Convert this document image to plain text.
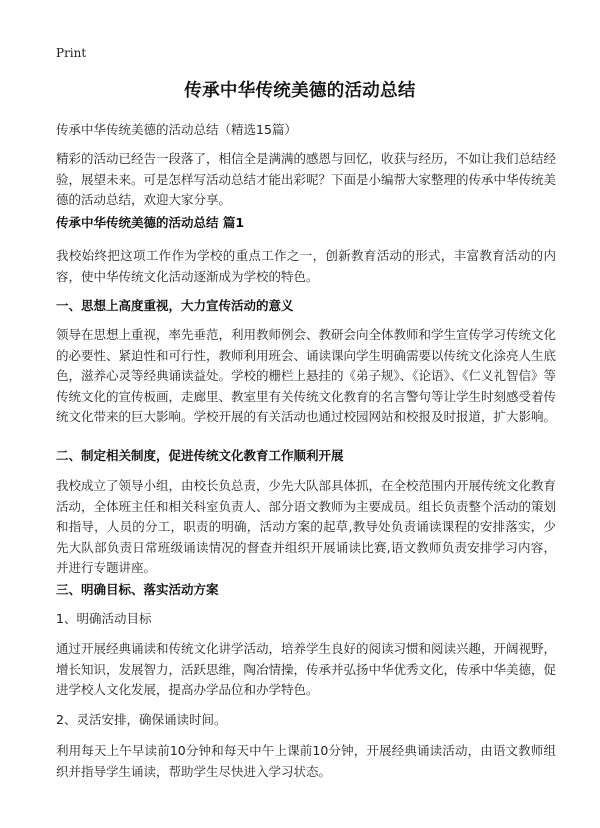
Print
传承中华传统美德的活动总结

传承中华传统美德的活动总结（精选15篇）

精彩的活动已经告一段落了，相信全是满满的感恩与回忆，收获与经历，不如让我们总结经验，展望未来。可是怎样写活动总结才能出彩呢？下面是小编帮大家整理的传承中华传统美德的活动总结，欢迎大家分享。

传承中华传统美德的活动总结 篇1

我校始终把这项工作作为学校的重点工作之一，创新教育活动的形式，丰富教育活动的内容，使中华传统文化活动逐渐成为学校的特色。

一、思想上高度重视，大力宣传活动的意义

领导在思想上重视，率先垂范，利用教师例会、教研会向全体教师和学生宣传学习传统文化的必要性、紧迫性和可行性，教师利用班会、诵读课向学生明确需要以传统文化涂亮人生底色，滋养心灵等经典诵读益处。学校的栅栏上悬挂的《弟子规》、《论语》、《仁义礼智信》等传统文化的宣传板画，走廊里、教室里有关传统文化教育的名言警句等让学生时刻感受着传统文化带来的巨大影响。学校开展的有关活动也通过校园网站和校报及时报道，扩大影响。

二、制定相关制度，促进传统文化教育工作顺利开展

我校成立了领导小组，由校长负总责，少先大队部具体抓，在全校范围内开展传统文化教育活动，全体班主任和相关科室负责人、部分语文教师为主要成员。组长负责整个活动的策划和指导，人员的分工，职责的明确，活动方案的起草,教导处负责诵读课程的安排落实，少先大队部负责日常班级诵读情况的督查并组织开展诵读比赛,语文教师负责安排学习内容，并进行专题讲座。

三、明确目标、落实活动方案

1、明确活动目标

通过开展经典诵读和传统文化讲学活动，培养学生良好的阅读习惯和阅读兴趣，开阔视野，增长知识，发展智力，活跃思维，陶冶情操，传承并弘扬中华优秀文化，传承中华美德，促进学校人文化发展，提高办学品位和办学特色。

2、灵活安排，确保诵读时间。

利用每天上午早读前10分钟和每天中午上课前10分钟，开展经典诵读活动，由语文教师组织并指导学生诵读，帮助学生尽快进入学习状态。
